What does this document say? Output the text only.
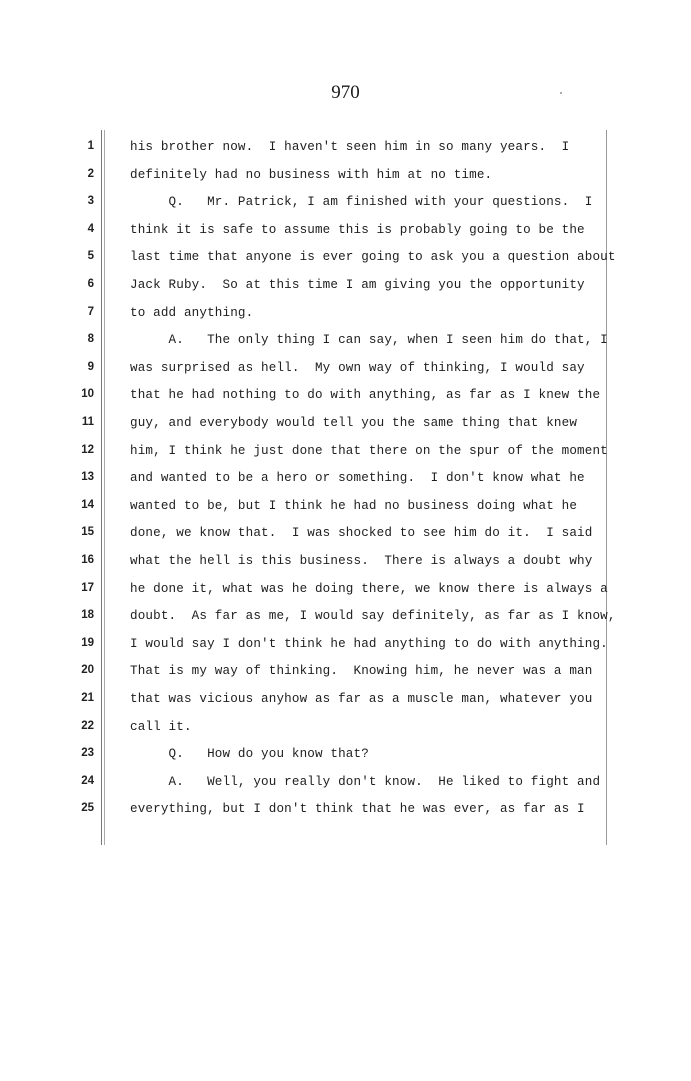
970
1
2
3
4
5
6
7
8
9
10
11
12
13
14
15
16
17
18
19
20
21
22
23
24
25
his brother now.  I haven't seen him in so many years.  I
definitely had no business with him at no time.
Q.   Mr. Patrick, I am finished with your questions.  I
think it is safe to assume this is probably going to be the
last time that anyone is ever going to ask you a question about
Jack Ruby.  So at this time I am giving you the opportunity
to add anything.
A.   The only thing I can say, when I seen him do that, I
was surprised as hell.  My own way of thinking, I would say
that he had nothing to do with anything, as far as I knew the
guy, and everybody would tell you the same thing that knew
him, I think he just done that there on the spur of the moment
and wanted to be a hero or something.  I don't know what he
wanted to be, but I think he had no business doing what he
done, we know that.  I was shocked to see him do it.  I said
what the hell is this business.  There is always a doubt why
he done it, what was he doing there, we know there is always a
doubt.  As far as me, I would say definitely, as far as I know,
I would say I don't think he had anything to do with anything.
That is my way of thinking.  Knowing him, he never was a man
that was vicious anyhow as far as a muscle man, whatever you
call it.
Q.   How do you know that?
A.   Well, you really don't know.  He liked to fight and
everything, but I don't think that he was ever, as far as I
